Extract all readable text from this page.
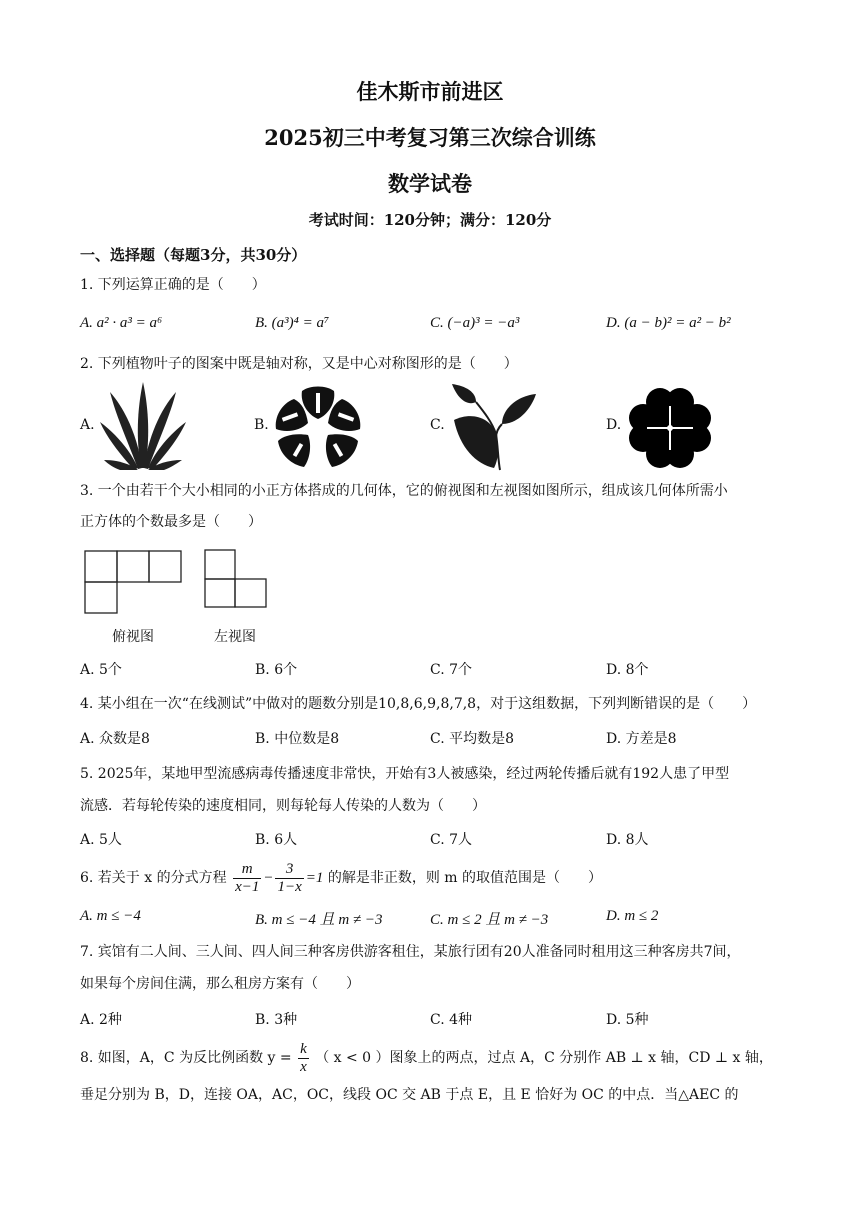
佳木斯市前进区
2025初三中考复习第三次综合训练
数学试卷
考试时间：120分钟；满分：120分
一、选择题（每题3分，共30分）
1. 下列运算正确的是（　　）
A. a² · a³ = a⁶	B. (a³)⁴ = a⁷	C. (−a)³ = −a³	D. (a − b)² = a² − b²
2. 下列植物叶子的图案中既是轴对称，又是中心对称图形的是（　　）
A.	B.	C.	D.
3. 一个由若干个大小相同的小正方体搭成的几何体，它的俯视图和左视图如图所示，组成该几何体所需小
正方体的个数最多是（　　）
俯视图	左视图
A. 5个	B. 6个	C. 7个	D. 8个
4. 某小组在一次“在线测试”中做对的题数分别是10,8,6,9,8,7,8，对于这组数据，下列判断错误的是（　　）
A. 众数是8	B. 中位数是8	C. 平均数是8	D. 方差是8
5. 2025年，某地甲型流感病毒传播速度非常快，开始有3人被感染，经过两轮传播后就有192人患了甲型
流感．若每轮传染的速度相同，则每轮每人传染的人数为（　　）
A. 5人	B. 6人	C. 7人	D. 8人
6. 若关于 x 的分式方程 $\frac{m}{x-1} - \frac{3}{1-x} =1$ 的解是非正数，则 m 的取值范围是（　　）
A. m ≤ −4	B. m ≤ −4 且 m ≠ −3	C. m ≤ 2 且 m ≠ −3	D. m ≤ 2
7. 宾馆有二人间、三人间、四人间三种客房供游客租住，某旅行团有20人准备同时租用这三种客房共7间，
如果每个房间住满，那么租房方案有（　　）
A. 2种	B. 3种	C. 4种	D. 5种
8. 如图，A，C 为反比例函数 $y = \frac{k}{x}$ （ x < 0 ）图象上的两点，过点 A，C 分别作 AB ⊥ x 轴，CD ⊥ x 轴，
垂足分别为 B，D，连接 OA，AC，OC，线段 OC 交 AB 于点 E，且 E 恰好为 OC 的中点．当△AEC 的
